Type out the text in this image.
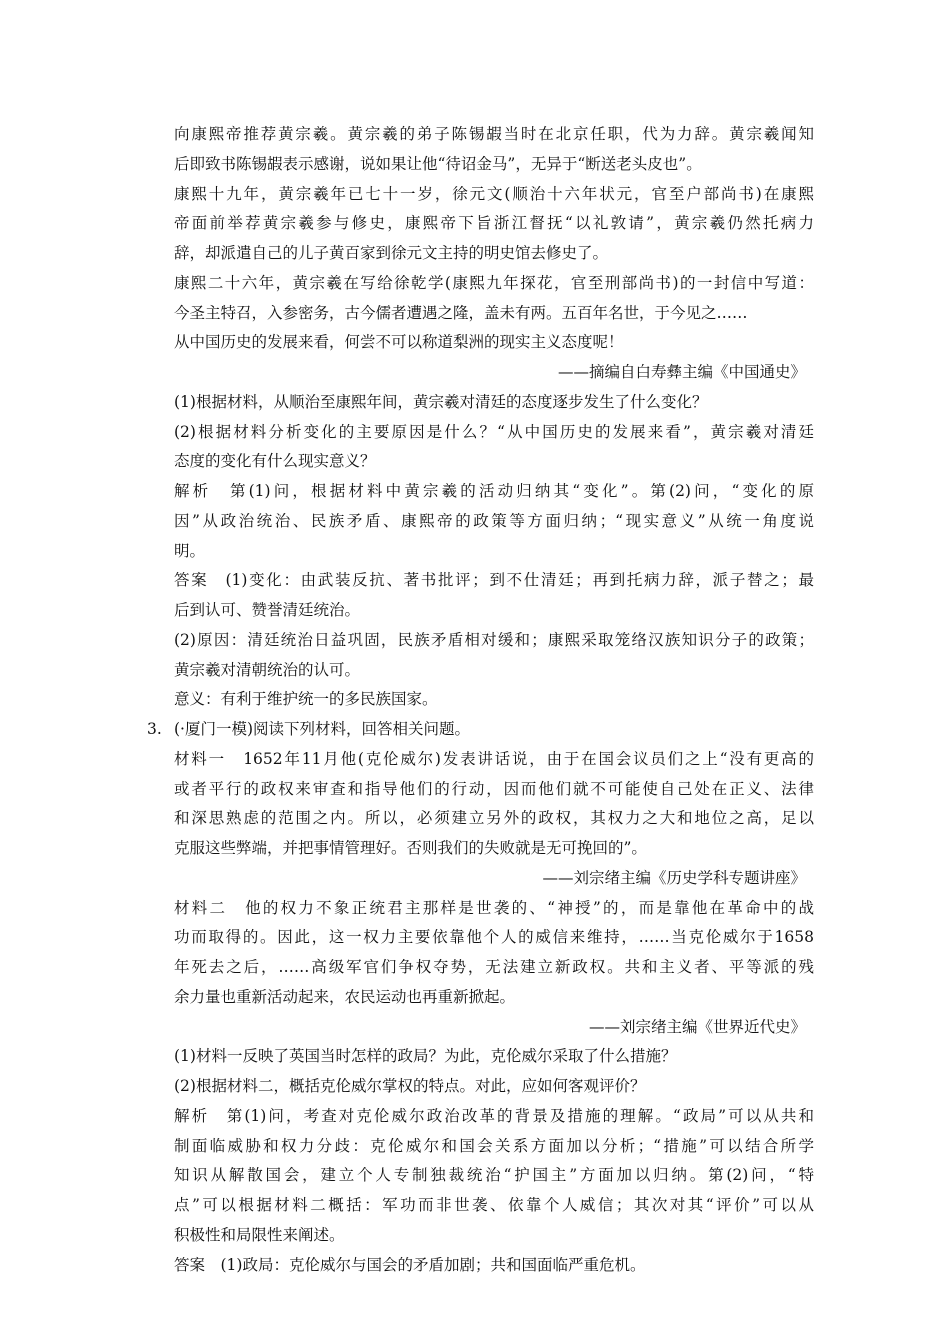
向康熙帝推荐黄宗羲。黄宗羲的弟子陈锡嘏当时在北京任职，代为力辞。黄宗羲闻知
后即致书陈锡嘏表示感谢，说如果让他“待诏金马”，无异于“断送老头皮也”。
康熙十九年，黄宗羲年已七十一岁，徐元文(顺治十六年状元，官至户部尚书)在康熙
帝面前举荐黄宗羲参与修史，康熙帝下旨浙江督抚“以礼敦请”，黄宗羲仍然托病力
辞，却派遣自己的儿子黄百家到徐元文主持的明史馆去修史了。
康熙二十六年，黄宗羲在写给徐乾学(康熙九年探花，官至刑部尚书)的一封信中写道：
今圣主特召，入参密务，古今儒者遭遇之隆，盖未有两。五百年名世，于今见之……
从中国历史的发展来看，何尝不可以称道梨洲的现实主义态度呢！
——摘编自白寿彝主编《中国通史》
(1)根据材料，从顺治至康熙年间，黄宗羲对清廷的态度逐步发生了什么变化？
(2)根据材料分析变化的主要原因是什么？“从中国历史的发展来看”，黄宗羲对清廷
态度的变化有什么现实意义？
解析　第(1)问，根据材料中黄宗羲的活动归纳其“变化”。第(2)问，“变化的原
因”从政治统治、民族矛盾、康熙帝的政策等方面归纳；“现实意义”从统一角度说
明。
答案　(1)变化：由武装反抗、著书批评；到不仕清廷；再到托病力辞，派子替之；最
后到认可、赞誉清廷统治。
(2)原因：清廷统治日益巩固，民族矛盾相对缓和；康熙采取笼络汉族知识分子的政策；
黄宗羲对清朝统治的认可。
意义：有利于维护统一的多民族国家。
3. (·厦门一模)阅读下列材料，回答相关问题。
材料一　1652年11月他(克伦威尔)发表讲话说，由于在国会议员们之上“没有更高的
或者平行的政权来审查和指导他们的行动，因而他们就不可能使自己处在正义、法律
和深思熟虑的范围之内。所以，必须建立另外的政权，其权力之大和地位之高，足以
克服这些弊端，并把事情管理好。否则我们的失败就是无可挽回的”。
——刘宗绪主编《历史学科专题讲座》
材料二　他的权力不象正统君主那样是世袭的、“神授”的，而是靠他在革命中的战
功而取得的。因此，这一权力主要依靠他个人的威信来维持，……当克伦威尔于1658
年死去之后，……高级军官们争权夺势，无法建立新政权。共和主义者、平等派的残
余力量也重新活动起来，农民运动也再重新掀起。
——刘宗绪主编《世界近代史》
(1)材料一反映了英国当时怎样的政局？为此，克伦威尔采取了什么措施？
(2)根据材料二，概括克伦威尔掌权的特点。对此，应如何客观评价？
解析　第(1)问，考查对克伦威尔政治改革的背景及措施的理解。“政局”可以从共和
制面临威胁和权力分歧：克伦威尔和国会关系方面加以分析；“措施”可以结合所学
知识从解散国会，建立个人专制独裁统治“护国主”方面加以归纳。第(2)问，“特
点”可以根据材料二概括：军功而非世袭、依靠个人威信；其次对其“评价”可以从
积极性和局限性来阐述。
答案　(1)政局：克伦威尔与国会的矛盾加剧；共和国面临严重危机。
